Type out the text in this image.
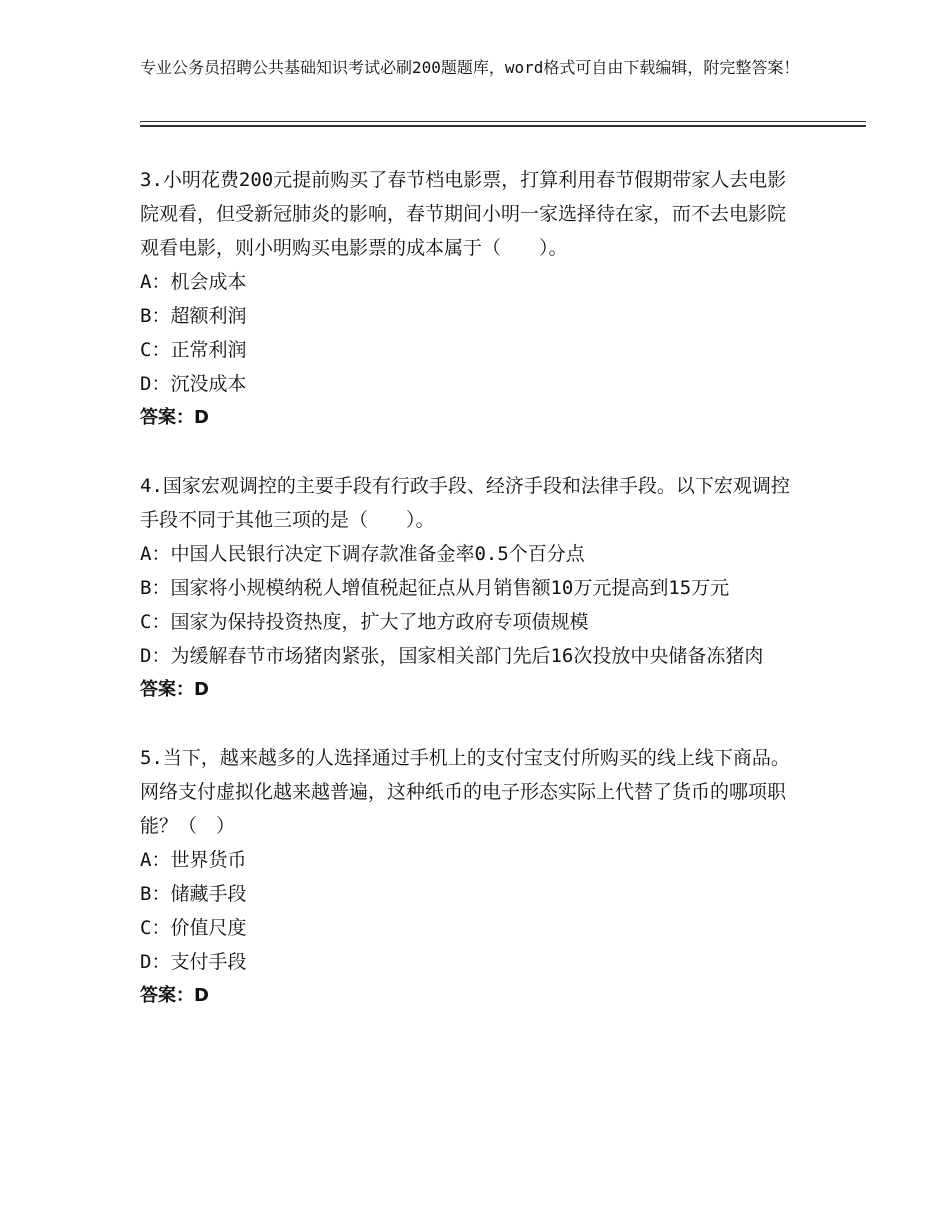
专业公务员招聘公共基础知识考试必刷200题题库，word格式可自由下载编辑，附完整答案！

3.小明花费200元提前购买了春节档电影票，打算利用春节假期带家人去电影院观看，但受新冠肺炎的影响，春节期间小明一家选择待在家，而不去电影院观看电影，则小明购买电影票的成本属于（　　）。

A：机会成本

B：超额利润

C：正常利润

D：沉没成本

答案：D

4.国家宏观调控的主要手段有行政手段、经济手段和法律手段。以下宏观调控手段不同于其他三项的是（　　）。

A：中国人民银行决定下调存款准备金率0.5个百分点

B：国家将小规模纳税人增值税起征点从月销售额10万元提高到15万元

C：国家为保持投资热度，扩大了地方政府专项债规模

D：为缓解春节市场猪肉紧张，国家相关部门先后16次投放中央储备冻猪肉

答案：D

5.当下，越来越多的人选择通过手机上的支付宝支付所购买的线上线下商品。网络支付虚拟化越来越普遍，这种纸币的电子形态实际上代替了货币的哪项职能？（　）

A：世界货币

B：储藏手段

C：价值尺度

D：支付手段

答案：D
